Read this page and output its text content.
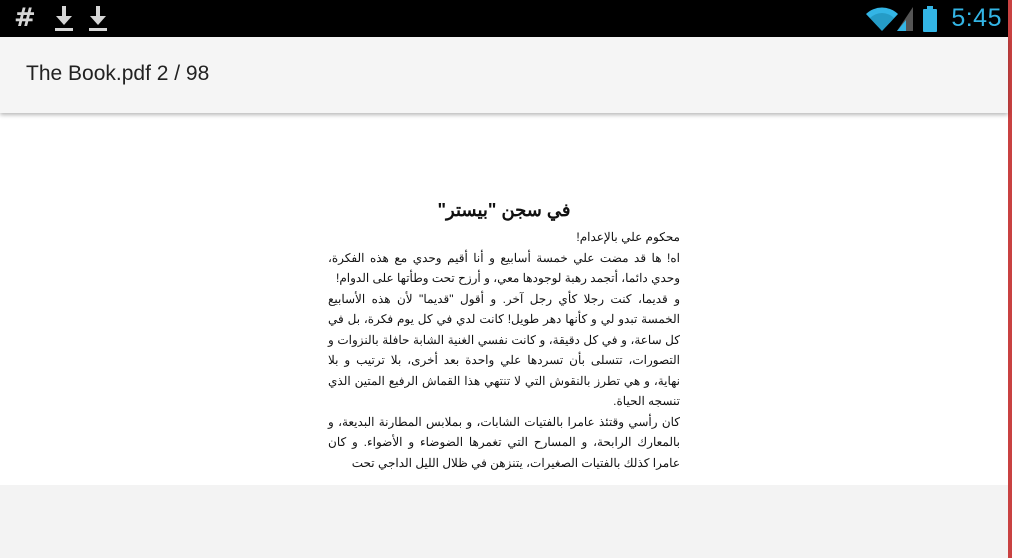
#	5:45
The Book.pdf 2 / 98
في سجن "بيستر"

محكوم علي بالإعدام!

اه! ها قد مضت علي خمسة أسابيع و أنا أقيم وحدي مع هذه الفكرة، وحدي دائما، أتجمد رهبة لوجودها معي، و أرزح تحت وطأتها على الدوام!

و قديما، كنت رجلا كأي رجل آخر. و أقول "قديما" لأن هذه الأسابيع الخمسة تبدو لي و كأنها دهر طويل! كانت لدي في كل يوم فكرة، بل في كل ساعة، و في كل دقيقة، و كانت نفسي الغنية الشابة حافلة بالنزوات و التصورات، تتسلى بأن تسردها علي واحدة بعد أخرى، بلا ترتيب و بلا نهاية، و هي تطرز بالنقوش التي لا تنتهي هذا القماش الرفيع المتين الذي تنسجه الحياة.

كان رأسي وقتئذ عامرا بالفتيات الشابات، و بملابس المطارنة البديعة، و بالمعارك الرابحة، و المسارح التي تغمرها الضوضاء و الأضواء. و كان عامرا كذلك بالفتيات الصغيرات، يتنزهن في ظلال الليل الداجي تحت
